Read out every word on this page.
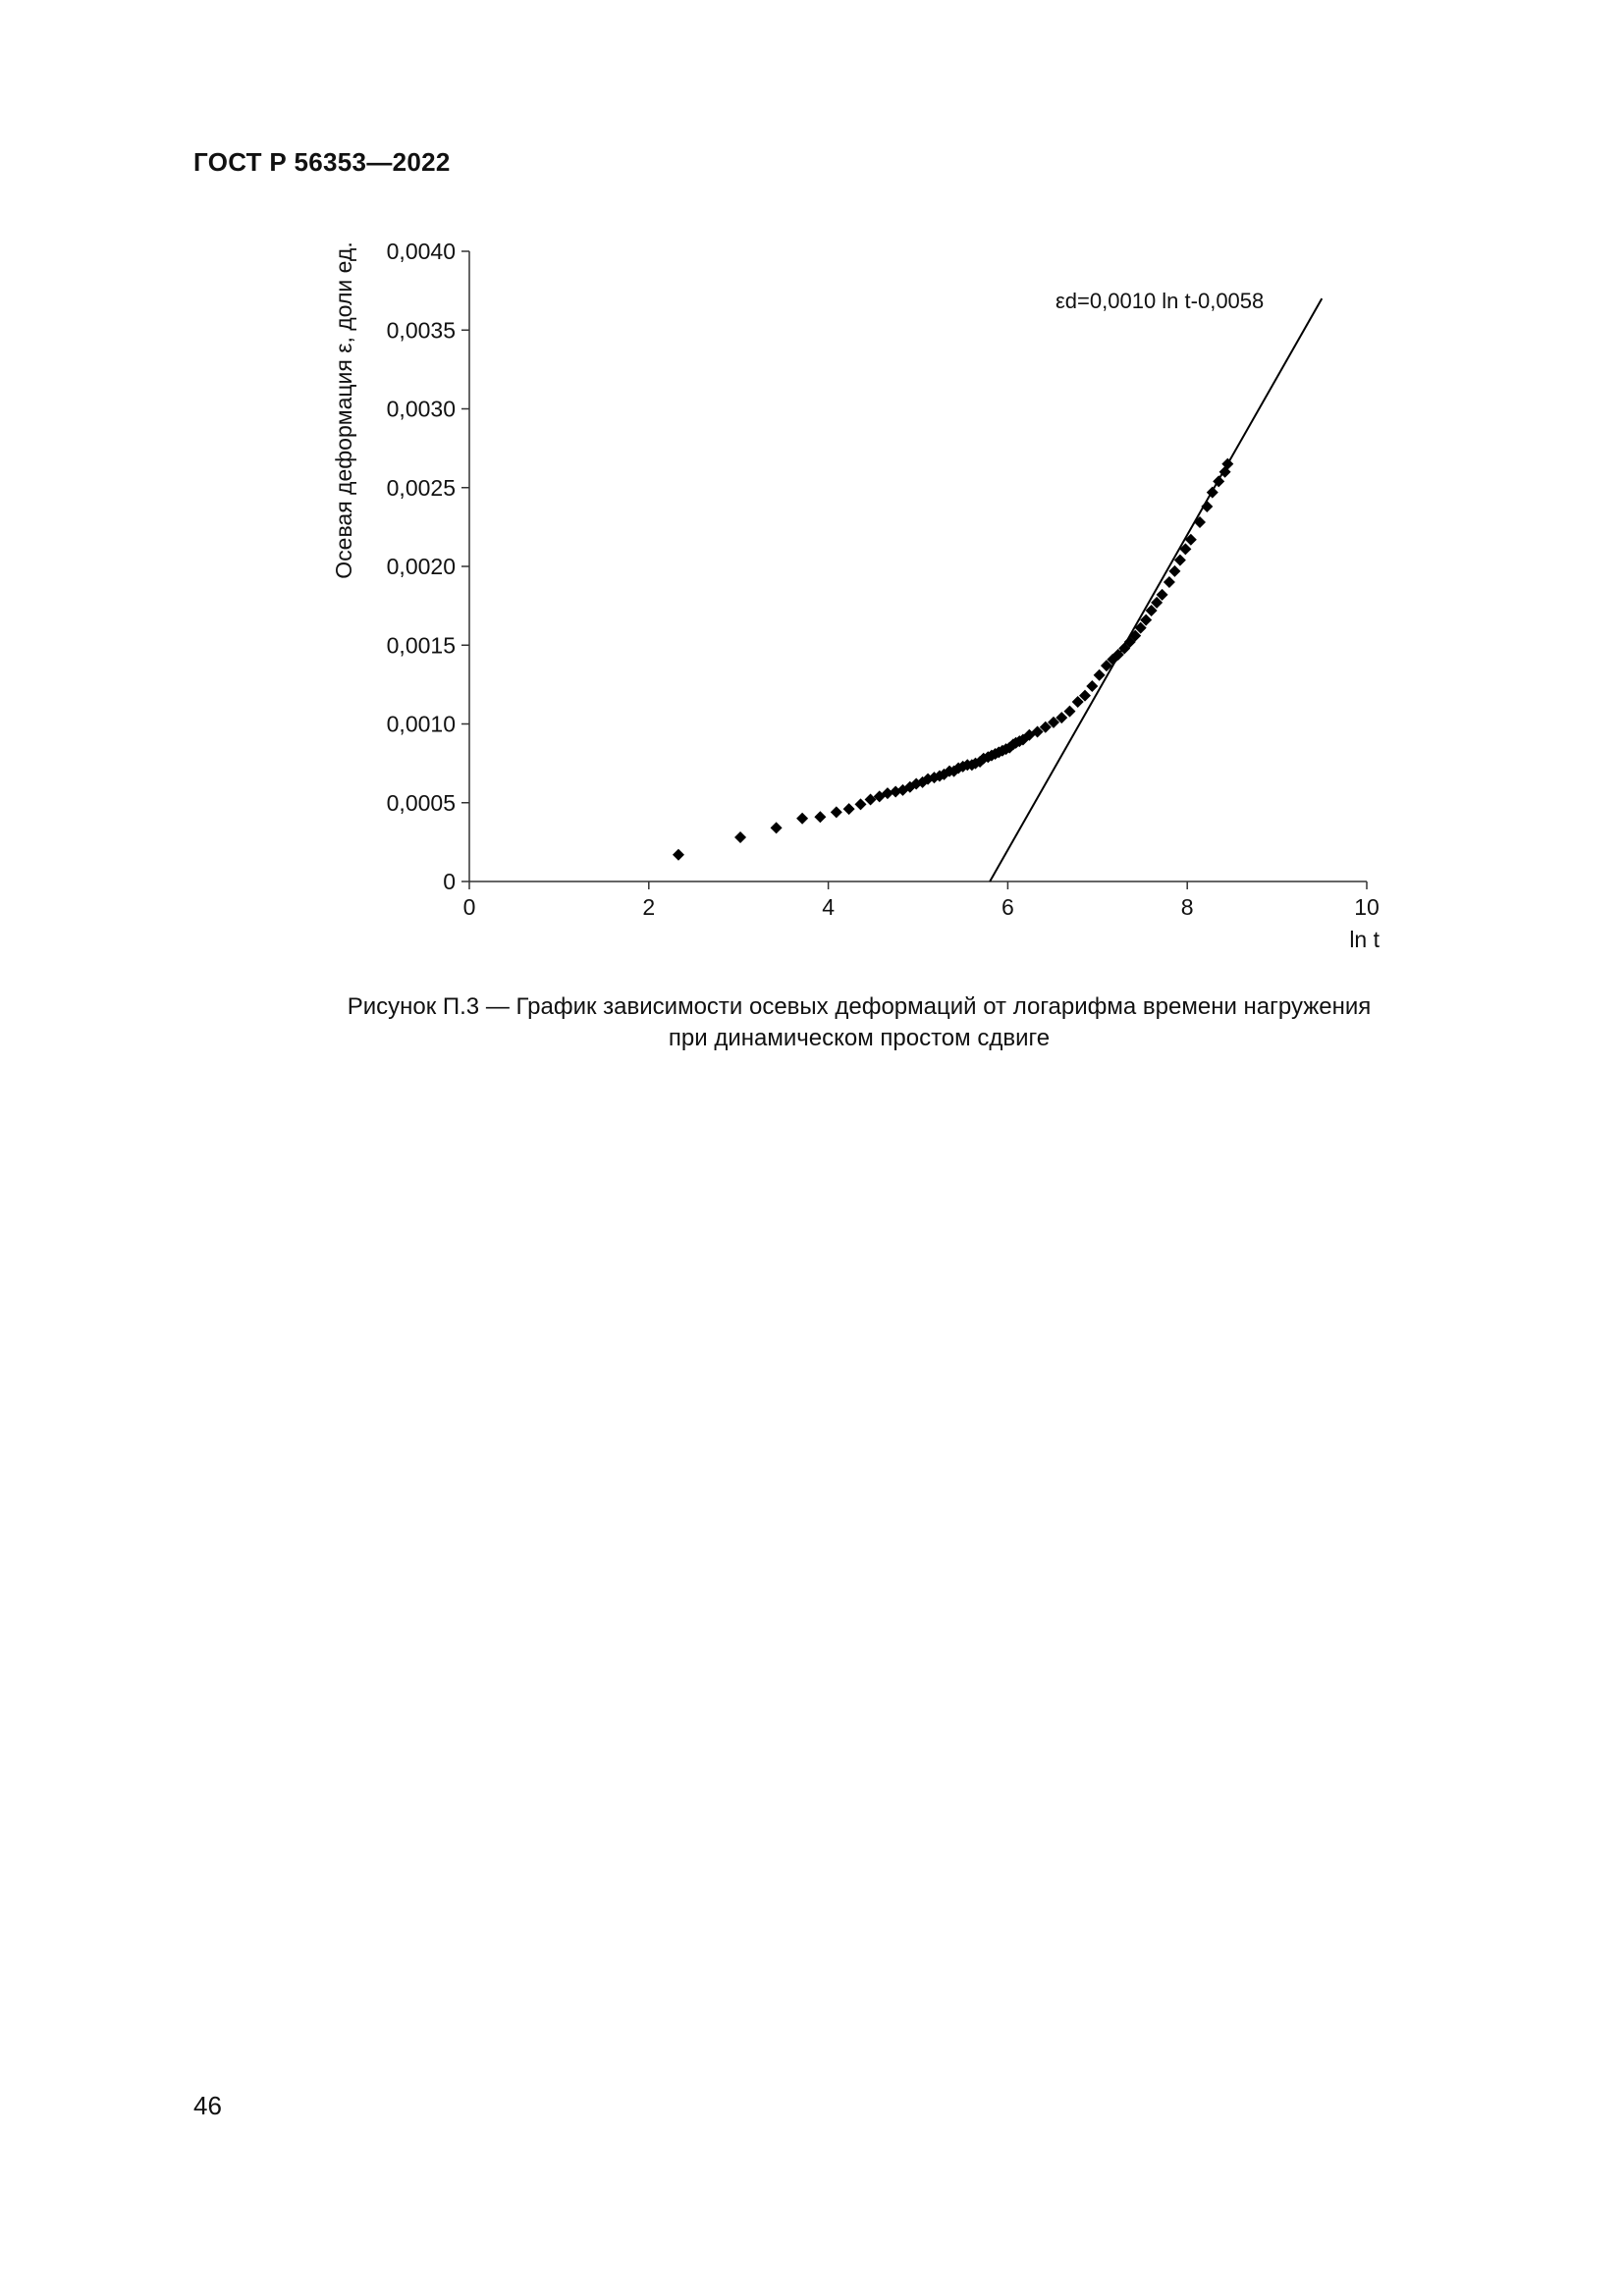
ГОСТ Р 56353—2022
0
0,0005
0,0010
0,0015
0,0020
0,0025
0,0030
0,0035
0,0040
0	2	4	6	8	10
εd=0,0010 ln t-0,0058
Осевая деформация ε, доли ед.
ln t
Рисунок П.3 — График зависимости осевых деформаций от логарифма времени нагружения
при динамическом простом сдвиге
46
